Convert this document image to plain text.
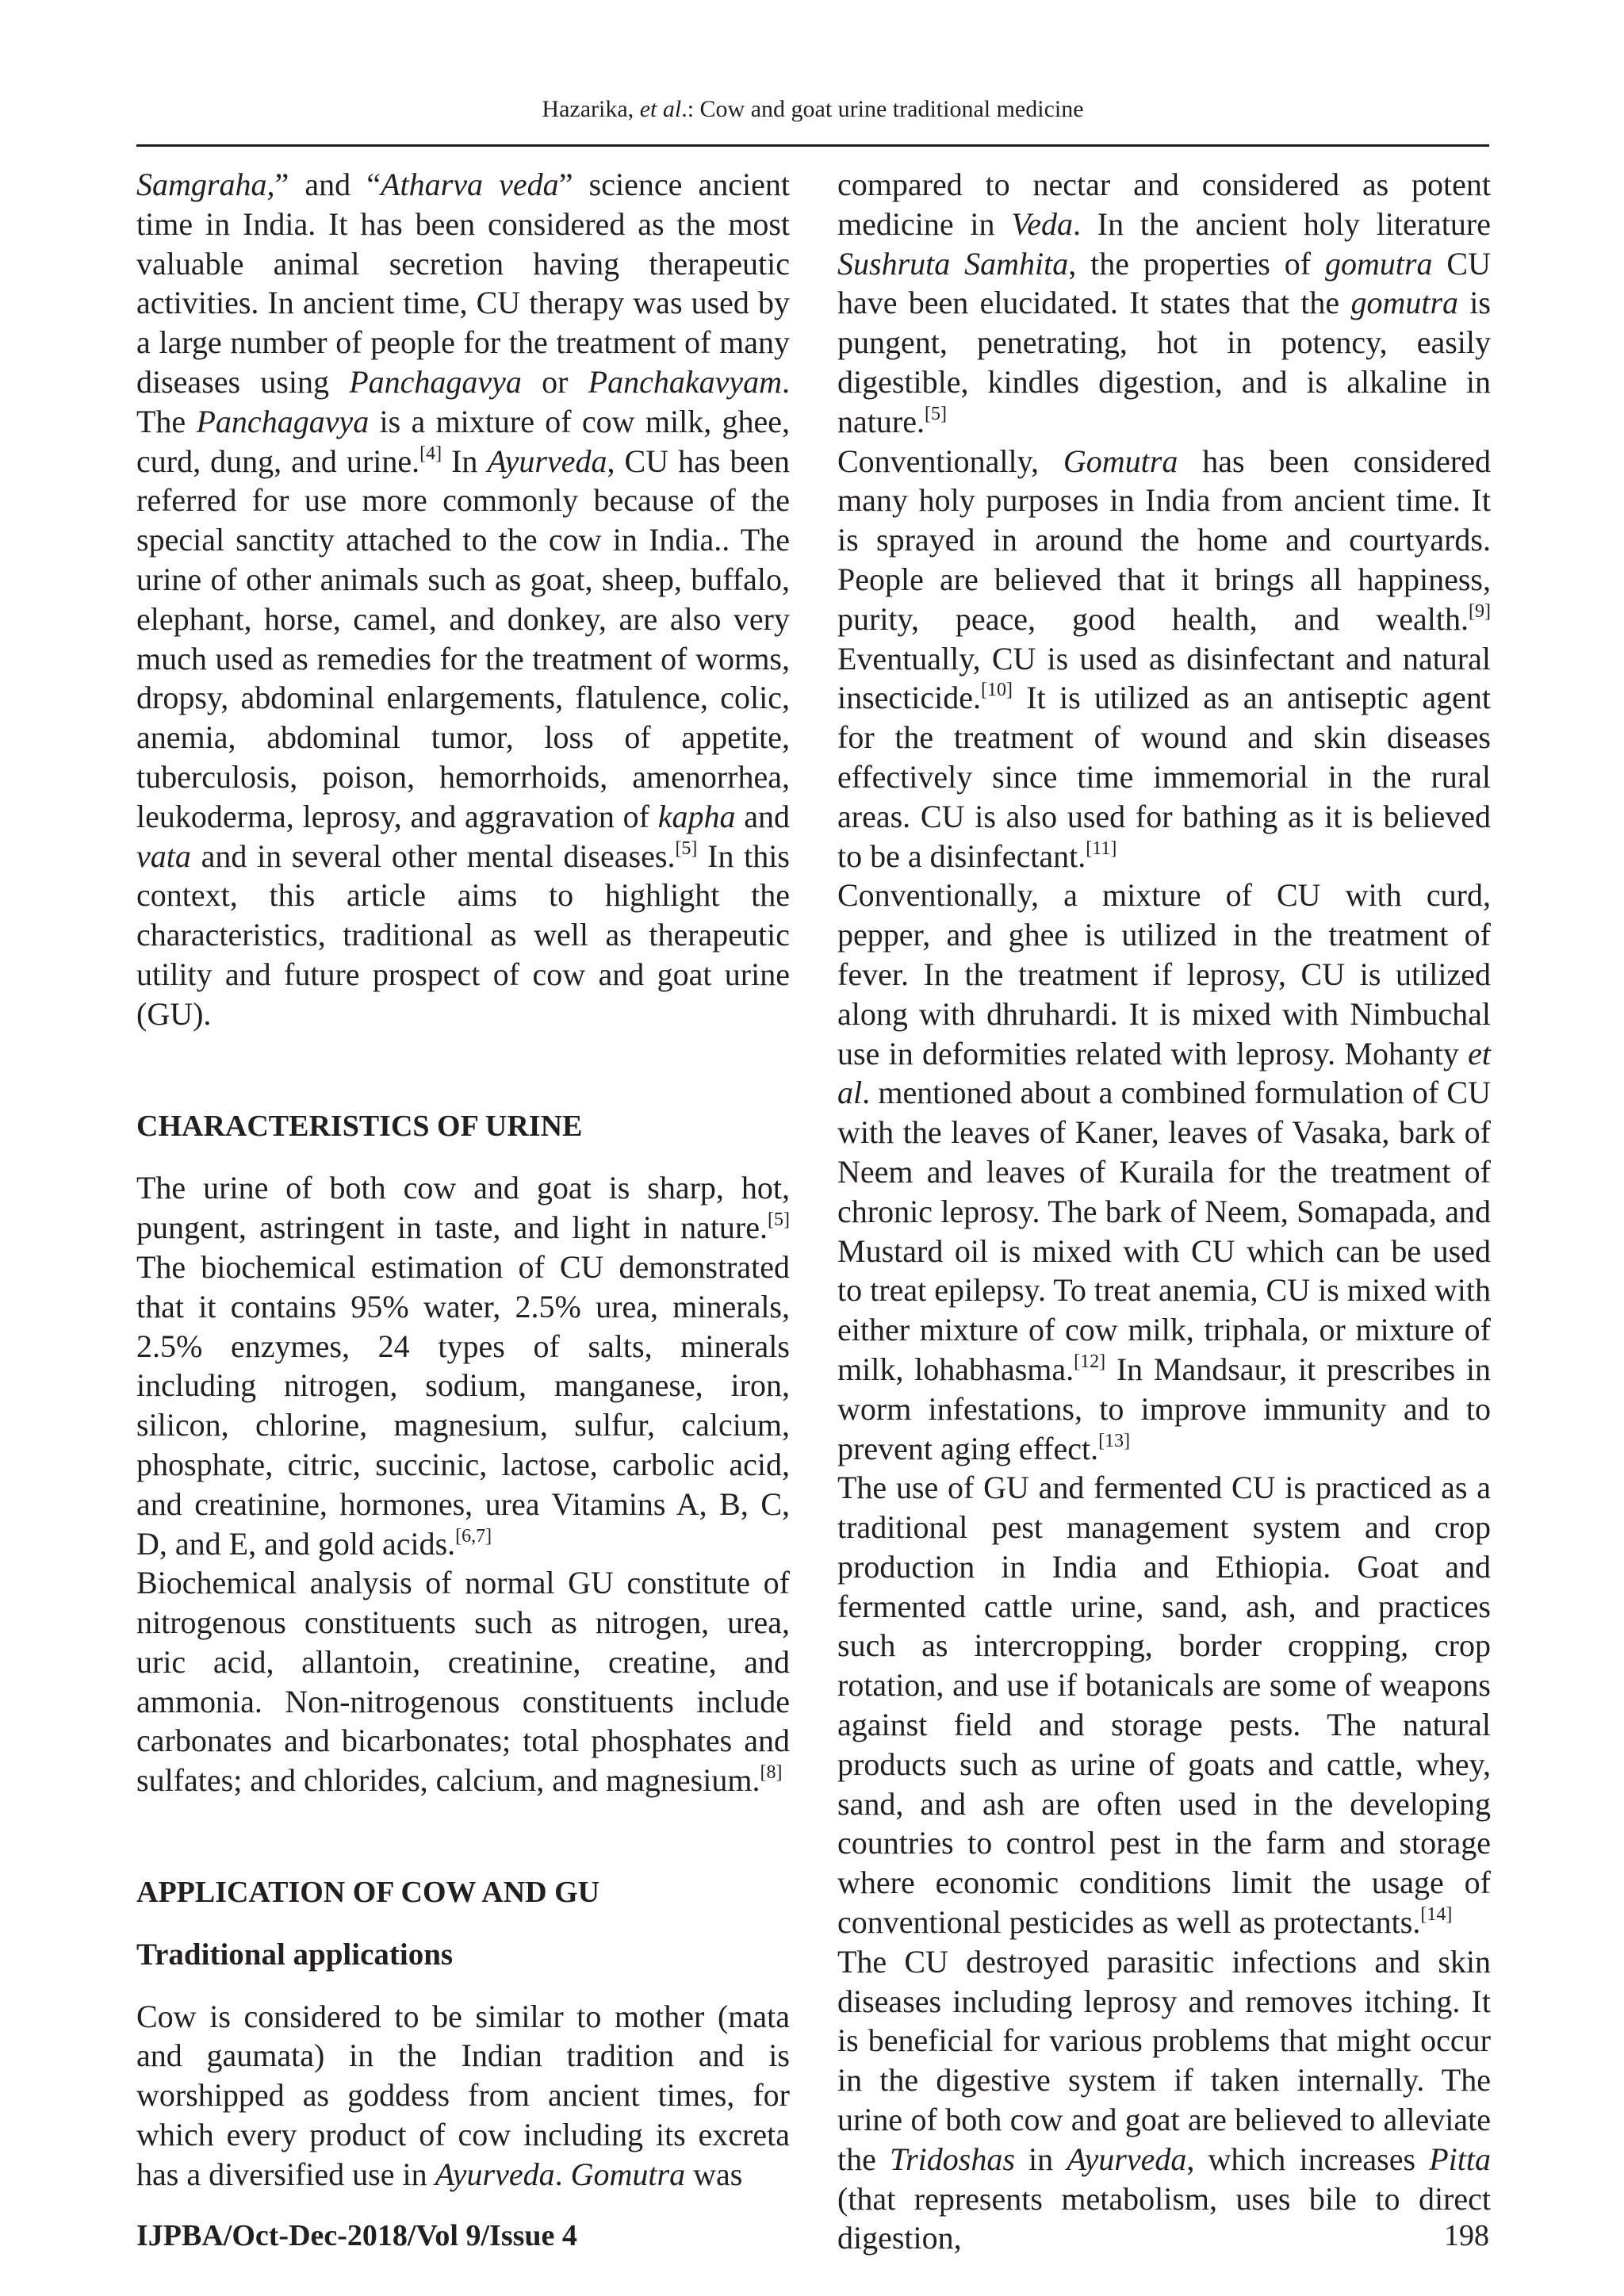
Hazarika, et al.: Cow and goat urine traditional medicine

Samgraha,” and “Atharva veda” science ancient time in India. It has been considered as the most valuable animal secretion having therapeutic activities. In ancient time, CU therapy was used by a large number of people for the treatment of many diseases using Panchagavya or Panchakavyam. The Panchagavya is a mixture of cow milk, ghee, curd, dung, and urine.[4] In Ayurveda, CU has been referred for use more commonly because of the special sanctity attached to the cow in India.. The urine of other animals such as goat, sheep, buffalo, elephant, horse, camel, and donkey, are also very much used as remedies for the treatment of worms, dropsy, abdominal enlargements, flatulence, colic, anemia, abdominal tumor, loss of appetite, tuberculosis, poison, hemorrhoids, amenorrhea, leukoderma, leprosy, and aggravation of kapha and vata and in several other mental diseases.[5] In this context, this article aims to highlight the characteristics, traditional as well as therapeutic utility and future prospect of cow and goat urine (GU).

CHARACTERISTICS OF URINE

The urine of both cow and goat is sharp, hot, pungent, astringent in taste, and light in nature.[5] The biochemical estimation of CU demonstrated that it contains 95% water, 2.5% urea, minerals, 2.5% enzymes, 24 types of salts, minerals including nitrogen, sodium, manganese, iron, silicon, chlorine, magnesium, sulfur, calcium, phosphate, citric, succinic, lactose, carbolic acid, and creatinine, hormones, urea Vitamins A, B, C, D, and E, and gold acids.[6,7]

Biochemical analysis of normal GU constitute of nitrogenous constituents such as nitrogen, urea, uric acid, allantoin, creatinine, creatine, and ammonia. Non-nitrogenous constituents include carbonates and bicarbonates; total phosphates and sulfates; and chlorides, calcium, and magnesium.[8]

APPLICATION OF COW AND GU
Traditional applications

Cow is considered to be similar to mother (mata and gaumata) in the Indian tradition and is worshipped as goddess from ancient times, for which every product of cow including its excreta has a diversified use in Ayurveda. Gomutra was

compared to nectar and considered as potent medicine in Veda. In the ancient holy literature Sushruta Samhita, the properties of gomutra CU have been elucidated. It states that the gomutra is pungent, penetrating, hot in potency, easily digestible, kindles digestion, and is alkaline in nature.[5]

Conventionally, Gomutra has been considered many holy purposes in India from ancient time. It is sprayed in around the home and courtyards. People are believed that it brings all happiness, purity, peace, good health, and wealth.[9] Eventually, CU is used as disinfectant and natural insecticide.[10] It is utilized as an antiseptic agent for the treatment of wound and skin diseases effectively since time immemorial in the rural areas. CU is also used for bathing as it is believed to be a disinfectant.[11]

Conventionally, a mixture of CU with curd, pepper, and ghee is utilized in the treatment of fever. In the treatment if leprosy, CU is utilized along with dhruhardi. It is mixed with Nimbuchal use in deformities related with leprosy. Mohanty et al. mentioned about a combined formulation of CU with the leaves of Kaner, leaves of Vasaka, bark of Neem and leaves of Kuraila for the treatment of chronic leprosy. The bark of Neem, Somapada, and Mustard oil is mixed with CU which can be used to treat epilepsy. To treat anemia, CU is mixed with either mixture of cow milk, triphala, or mixture of milk, lohabhasma.[12] In Mandsaur, it prescribes in worm infestations, to improve immunity and to prevent aging effect.[13]

The use of GU and fermented CU is practiced as a traditional pest management system and crop production in India and Ethiopia. Goat and fermented cattle urine, sand, ash, and practices such as intercropping, border cropping, crop rotation, and use if botanicals are some of weapons against field and storage pests. The natural products such as urine of goats and cattle, whey, sand, and ash are often used in the developing countries to control pest in the farm and storage where economic conditions limit the usage of conventional pesticides as well as protectants.[14]

The CU destroyed parasitic infections and skin diseases including leprosy and removes itching. It is beneficial for various problems that might occur in the digestive system if taken internally. The urine of both cow and goat are believed to alleviate the Tridoshas in Ayurveda, which increases Pitta (that represents metabolism, uses bile to direct digestion,

IJPBA/Oct-Dec-2018/Vol 9/Issue 4	198
